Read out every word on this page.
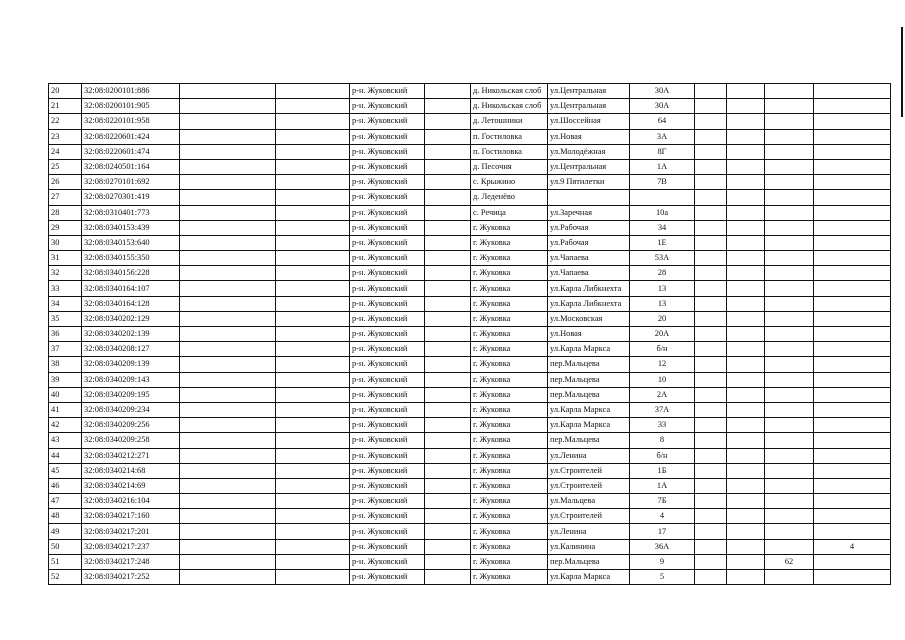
20	32:08:0200101:886			р-н. Жуковский		д. Никольская слоб	ул.Центральная	30А				
21	32:08:0200101:905			р-н. Жуковский		д. Никольская слоб	ул.Центральная	30А				
22	32:08:0220101:958			р-н. Жуковский		д. Летошники	ул.Шоссейная	64				
23	32:08:0220601:424			р-н. Жуковский		п. Гостиловка	ул.Новая	3А				
24	32:08:0220601:474			р-н. Жуковский		п. Гостиловка	ул.Молодёжная	8Г				
25	32:08:0240501:164			р-н. Жуковский		д. Песочня	ул.Центральная	1А				
26	32:08:0270101:692			р-н. Жуковский		с. Крыжино	ул.9 Пятилетки	7В				
27	32:08:0270301:419			р-н. Жуковский		д. Леденёво						
28	32:08:0310401:773			р-н. Жуковский		с. Речица	ул.Заречная	10а				
29	32:08:0340153:439			р-н. Жуковский		г. Жуковка	ул.Рабочая	34				
30	32:08:0340153:640			р-н. Жуковский		г. Жуковка	ул.Рабочая	1Е				
31	32:08:0340155:350			р-н. Жуковский		г. Жуковка	ул.Чапаева	53А				
32	32:08:0340156:228			р-н. Жуковский		г. Жуковка	ул.Чапаева	28				
33	32:08:0340164:107			р-н. Жуковский		г. Жуковка	ул.Карла Либкнехта	13				
34	32:08:0340164:128			р-н. Жуковский		г. Жуковка	ул.Карла Либкнехта	13				
35	32:08:0340202:129			р-н. Жуковский		г. Жуковка	ул.Московская	20				
36	32:08:0340202:139			р-н. Жуковский		г. Жуковка	ул.Новая	20А				
37	32:08:0340208:127			р-н. Жуковский		г. Жуковка	ул.Карла Маркса	б/н				
38	32:08:0340209:139			р-н. Жуковский		г. Жуковка	пер.Мальцева	12				
39	32:08:0340209:143			р-н. Жуковский		г. Жуковка	пер.Мальцева	10				
40	32:08:0340209:195			р-н. Жуковский		г. Жуковка	пер.Мальцева	2А				
41	32:08:0340209:234			р-н. Жуковский		г. Жуковка	ул.Карла Маркса	37А				
42	32:08:0340209:256			р-н. Жуковский		г. Жуковка	ул.Карла Маркса	33				
43	32:08:0340209:258			р-н. Жуковский		г. Жуковка	пер.Мальцева	8				
44	32:08:0340212:271			р-н. Жуковский		г. Жуковка	ул.Ленина	б/н				
45	32:08:0340214:68			р-н. Жуковский		г. Жуковка	ул.Строителей	1Б				
46	32:08:0340214:69			р-н. Жуковский		г. Жуковка	ул.Строителей	1А				
47	32:08:0340216:104			р-н. Жуковский		г. Жуковка	ул.Мальцева	7Б				
48	32:08:0340217:160			р-н. Жуковский		г. Жуковка	ул.Строителей	4				
49	32:08:0340217:201			р-н. Жуковский		г. Жуковка	ул.Ленина	17				
50	32:08:0340217:237			р-н. Жуковский		г. Жуковка	ул.Калинина	36А				4
51	32:08:0340217:248			р-н. Жуковский		г. Жуковка	пер.Мальцева	9			62	
52	32:08:0340217:252			р-н. Жуковский		г. Жуковка	ул.Карла Маркса	5				
